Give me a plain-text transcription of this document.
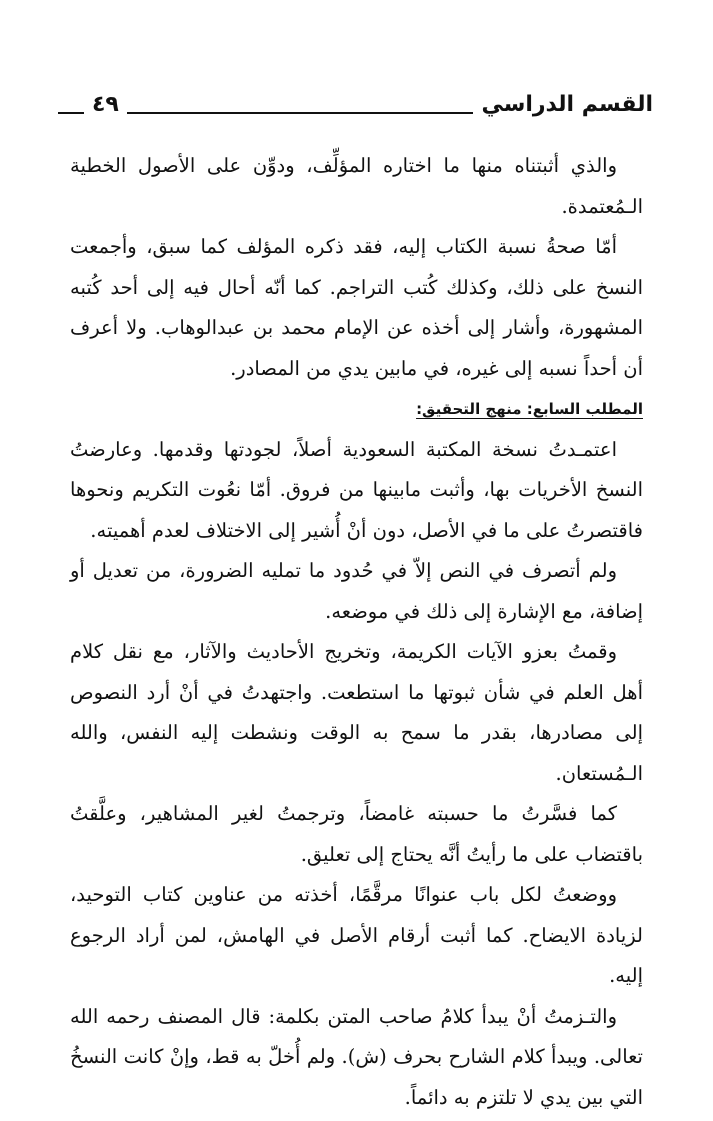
القسم الدراسي
٤٩

والذي أثبتناه منها ما اختاره المؤلِّف، ودوِّن على الأصول الخطية الـمُعتمدة.

أمّا صحةُ نسبة الكتاب إليه، فقد ذكره المؤلف كما سبق، وأجمعت النسخ على ذلك، وكذلك كُتب التراجم. كما أنّه أحال فيه إلى أحد كُتبه المشهورة، وأشار إلى أخذه عن الإمام محمد بن عبدالوهاب. ولا أعرف أن أحداً نسبه إلى غيره، في مابين يدي من المصادر.

المطلب السابع: منهج التحقيق:

اعتمـدتُ نسخة المكتبة السعودية أصلاً، لجودتها وقدمها. وعارضتُ النسخ الأخريات بها، وأثبت مابينها من فروق. أمّا نعُوت التكريم ونحوها فاقتصرتُ على ما في الأصل، دون أنْ أُشير إلى الاختلاف لعدم أهميته.

ولم أتصرف في النص إلاّ في حُدود ما تمليه الضرورة، من تعديل أو إضافة، مع الإشارة إلى ذلك في موضعه.

وقمتُ بعزو الآيات الكريمة، وتخريج الأحاديث والآثار، مع نقل كلام أهل العلم في شأن ثبوتها ما استطعت. واجتهدتُ في أنْ أرد النصوص إلى مصادرها، بقدر ما سمح به الوقت ونشطت إليه النفس، والله الـمُستعان.

كما فسَّرتُ ما حسبته غامضاً، وترجمتُ لغير المشاهير، وعلَّقتُ باقتضاب على ما رأيتُ أنَّه يحتاج إلى تعليق.

ووضعتُ لكل باب عنوانًا مرقَّمًا، أخذته من عناوين كتاب التوحيد، لزيادة الايضاح. كما أثبت أرقام الأصل في الهامش، لمن أراد الرجوع إليه.

والتـزمتُ أنْ يبدأ كلامُ صاحب المتن بكلمة: قال المصنف رحمه الله تعالى. ويبدأ كلام الشارح بحرف (ش). ولم أُخلّ به قط، وإنْ كانت النسخُ التي بين يدي لا تلتزم به دائماً.
